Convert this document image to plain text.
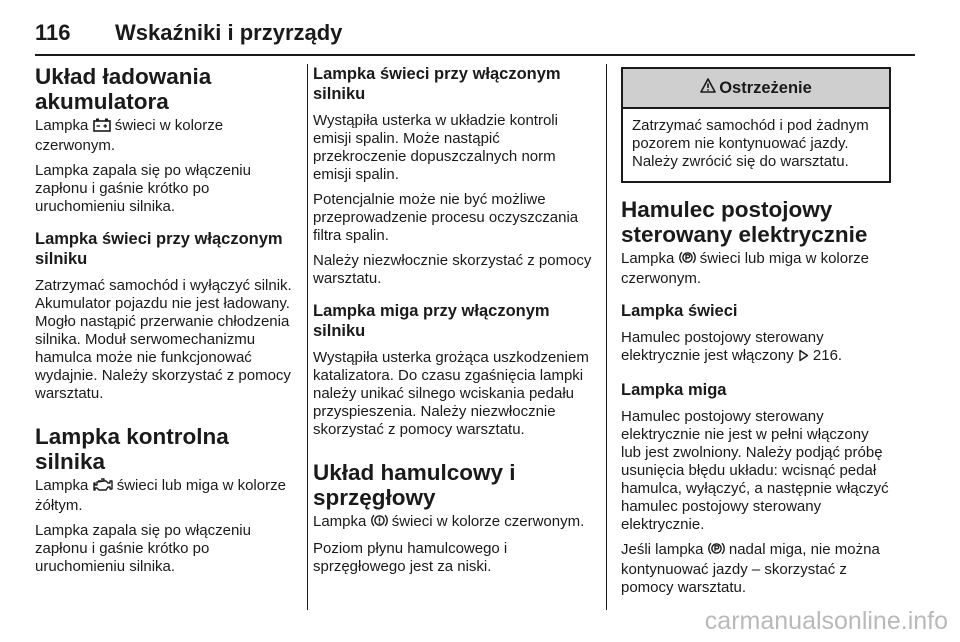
116 Wskaźniki i przyrządy
Układ ładowania akumulatora

Lampka  świeci w kolorze czerwonym.

Lampka zapala się po włączeniu zapłonu i gaśnie krótko po uruchomieniu silnika.

Lampka świeci przy włączonym silniku

Zatrzymać samochód i wyłączyć silnik. Akumulator pojazdu nie jest ładowany. Mogło nastąpić przerwanie chłodzenia silnika. Moduł serwomechanizmu hamulca może nie funkcjonować wydajnie. Należy skorzystać z pomocy warsztatu.

Lampka kontrolna silnika

Lampka  świeci lub miga w kolorze żółtym.

Lampka zapala się po włączeniu zapłonu i gaśnie krótko po uruchomieniu silnika.

Lampka świeci przy włączonym silniku

Wystąpiła usterka w układzie kontroli emisji spalin. Może nastąpić przekroczenie dopuszczalnych norm emisji spalin.

Potencjalnie może nie być możliwe przeprowadzenie procesu oczyszczania filtra spalin.

Należy niezwłocznie skorzystać z pomocy warsztatu.

Lampka miga przy włączonym silniku

Wystąpiła usterka grożąca uszkodzeniem katalizatora. Do czasu zgaśnięcia lampki należy unikać silnego wciskania pedału przyspieszenia. Należy niezwłocznie skorzystać z pomocy warsztatu.

Układ hamulcowy i sprzęgłowy

Lampka  świeci w kolorze czerwonym.

Poziom płynu hamulcowego i sprzęgłowego jest za niski.

Ostrzeżenie

Zatrzymać samochód i pod żadnym pozorem nie kontynuować jazdy. Należy zwrócić się do warsztatu.

Hamulec postojowy sterowany elektrycznie

Lampka  świeci lub miga w kolorze czerwonym.

Lampka świeci

Hamulec postojowy sterowany elektrycznie jest włączony  216.

Lampka miga

Hamulec postojowy sterowany elektrycznie nie jest w pełni włączony lub jest zwolniony. Należy podjąć próbę usunięcia błędu układu: wcisnąć pedał hamulca, wyłączyć, a następnie włączyć hamulec postojowy sterowany elektrycznie.

Jeśli lampka  nadal miga, nie można kontynuować jazdy – skorzystać z pomocy warsztatu.

carmanualsonline.info
